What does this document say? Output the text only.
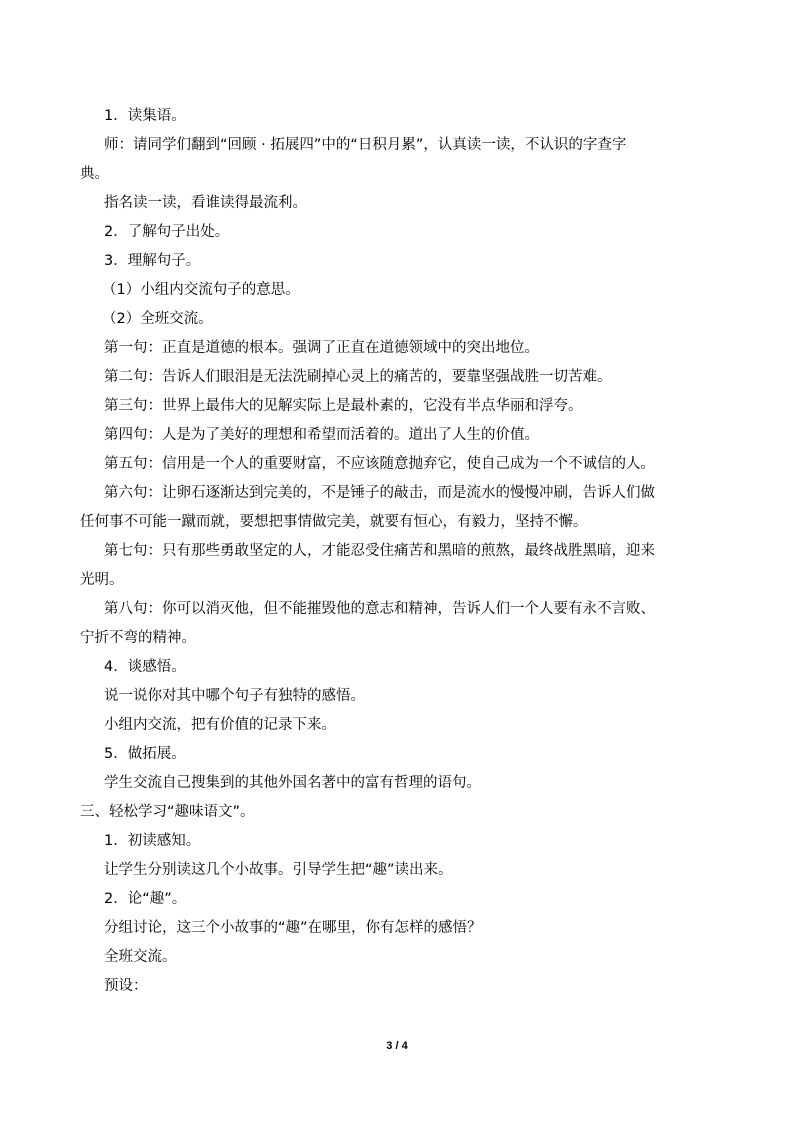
1．读集语。
师：请同学们翻到“回顾 · 拓展四”中的“日积月累”，认真读一读，不认识的字查字
典。
指名读一读，看谁读得最流利。
2．了解句子出处。
3．理解句子。
（1）小组内交流句子的意思。
（2）全班交流。
第一句：正直是道德的根本。强调了正直在道德领域中的突出地位。
第二句：告诉人们眼泪是无法洗刷掉心灵上的痛苦的，要靠坚强战胜一切苦难。
第三句：世界上最伟大的见解实际上是最朴素的，它没有半点华丽和浮夸。
第四句：人是为了美好的理想和希望而活着的。道出了人生的价值。
第五句：信用是一个人的重要财富，不应该随意抛弃它，使自己成为一个不诚信的人。
第六句：让卵石逐渐达到完美的，不是锤子的敲击，而是流水的慢慢冲刷，告诉人们做
任何事不可能一蹴而就，要想把事情做完美，就要有恒心，有毅力，坚持不懈。
第七句：只有那些勇敢坚定的人，才能忍受住痛苦和黑暗的煎熬，最终战胜黑暗，迎来
光明。
第八句：你可以消灭他，但不能摧毁他的意志和精神，告诉人们一个人要有永不言败、
宁折不弯的精神。
4．谈感悟。
说一说你对其中哪个句子有独特的感悟。
小组内交流，把有价值的记录下来。
5．做拓展。
学生交流自己搜集到的其他外国名著中的富有哲理的语句。
三、轻松学习“趣味语文”。
1．初读感知。
让学生分别读这几个小故事。引导学生把“趣”读出来。
2．论“趣”。
分组讨论，这三个小故事的“趣”在哪里，你有怎样的感悟？
全班交流。
预设：
3 / 4
